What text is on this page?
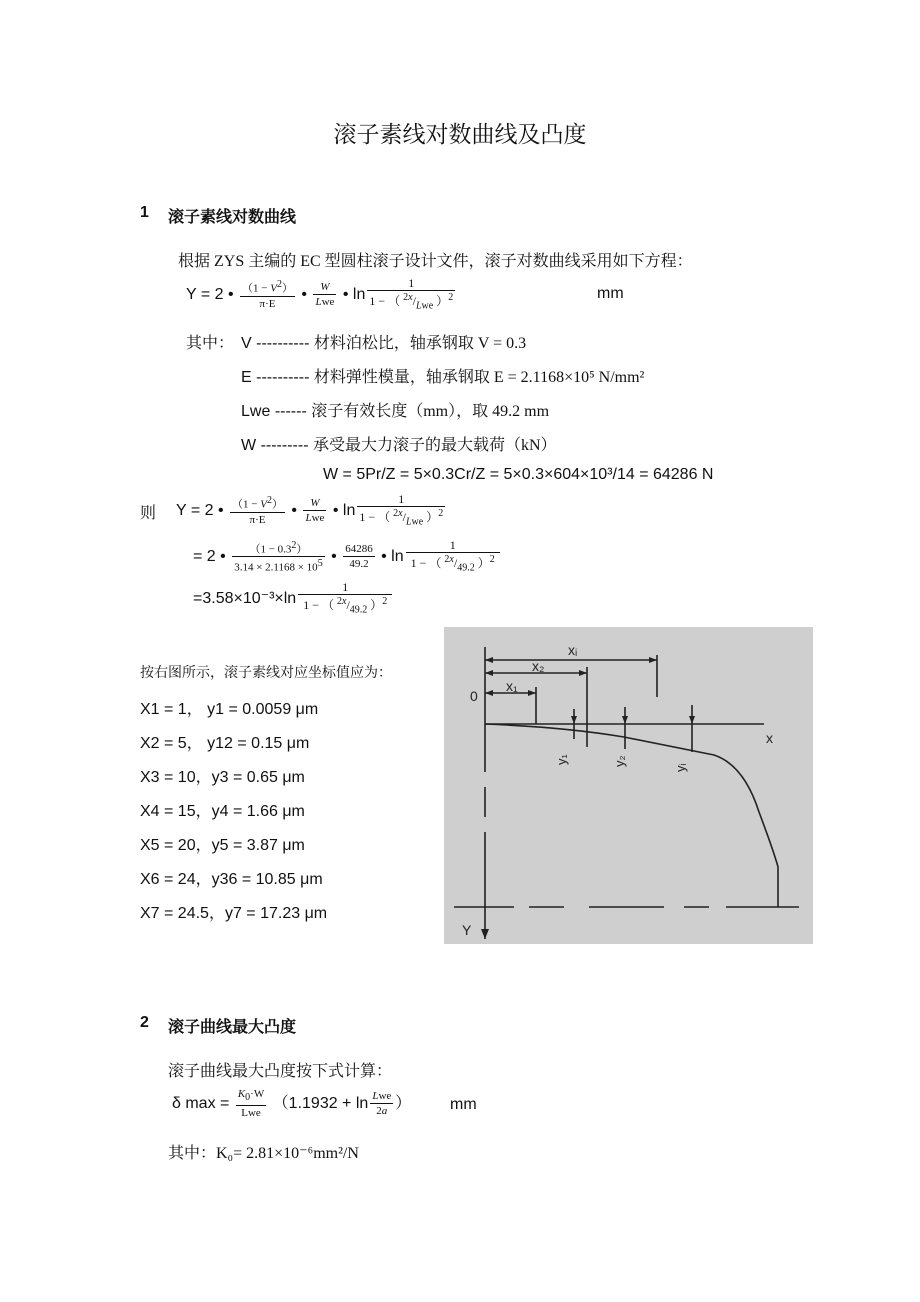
滚子素线对数曲线及凸度
1 滚子素线对数曲线
根据 ZYS 主编的 EC 型圆柱滚子设计文件，滚子对数曲线采用如下方程：
Y = 2 • $\frac{(1 - V^2)}{\pi\cdot E}$ • $\frac{W}{\text{Lwe}}$ • $\ln \frac{1}{1 - ( ^{2x}/_{Lwe} )^2}$	mm
其中： V ---------- 材料泊松比，轴承钢取 V = 0.3
E ---------- 材料弹性模量，轴承钢取 E = 2.1168×10⁵ N/mm²
Lwe ------ 滚子有效长度（mm），取 49.2 mm
W --------- 承受最大力滚子的最大载荷（kN）
W = 5Pr/Z = 5×0.3Cr/Z = 5×0.3×604×10³/14 = 64286 N
则 Y = 2 • $\frac{(1 - V^2)}{\pi\cdot E}$ • $\frac{W}{\text{Lwe}}$ • $\ln \frac{1}{1 - ( ^{2x}/_{Lwe} )^2}$
= 2 • $\frac{(1 - 0.3^2)}{3.14 \times 2.1168 \times 10^5}$ • $\frac{64286}{49.2}$ • $\ln \frac{1}{1 - ( ^{2x}/_{49.2} )^2}$
$=3.58\times 10^{-3}\times\ln \frac{1}{1 - ( ^{2x}/_{49.2} )^2}$
按右图所示，滚子素线对应坐标值应为：
X1 = 1， y1 = 0.0059 μm
X2 = 5， y12 = 0.15 μm
X3 = 10，y3 = 0.65 μm
X4 = 15，y4 = 1.66 μm
X5 = 20，y5 = 3.87 μm
X6 = 24，y36 = 10.85 μm
X7 = 24.5，y7 = 17.23 μm
xᵢ
x₂
x₁
0
x
Y
y₁	y₂
yᵢ
2 滚子曲线最大凸度
滚子曲线最大凸度按下式计算：
δ $\max = \frac{K_0\cdot W}{\text{Lwe}} (1.1932 + \ln \frac{\text{Lwe}}{2a}$ ） mm
其中：K₀= 2.81×10⁻⁶mm²/N
